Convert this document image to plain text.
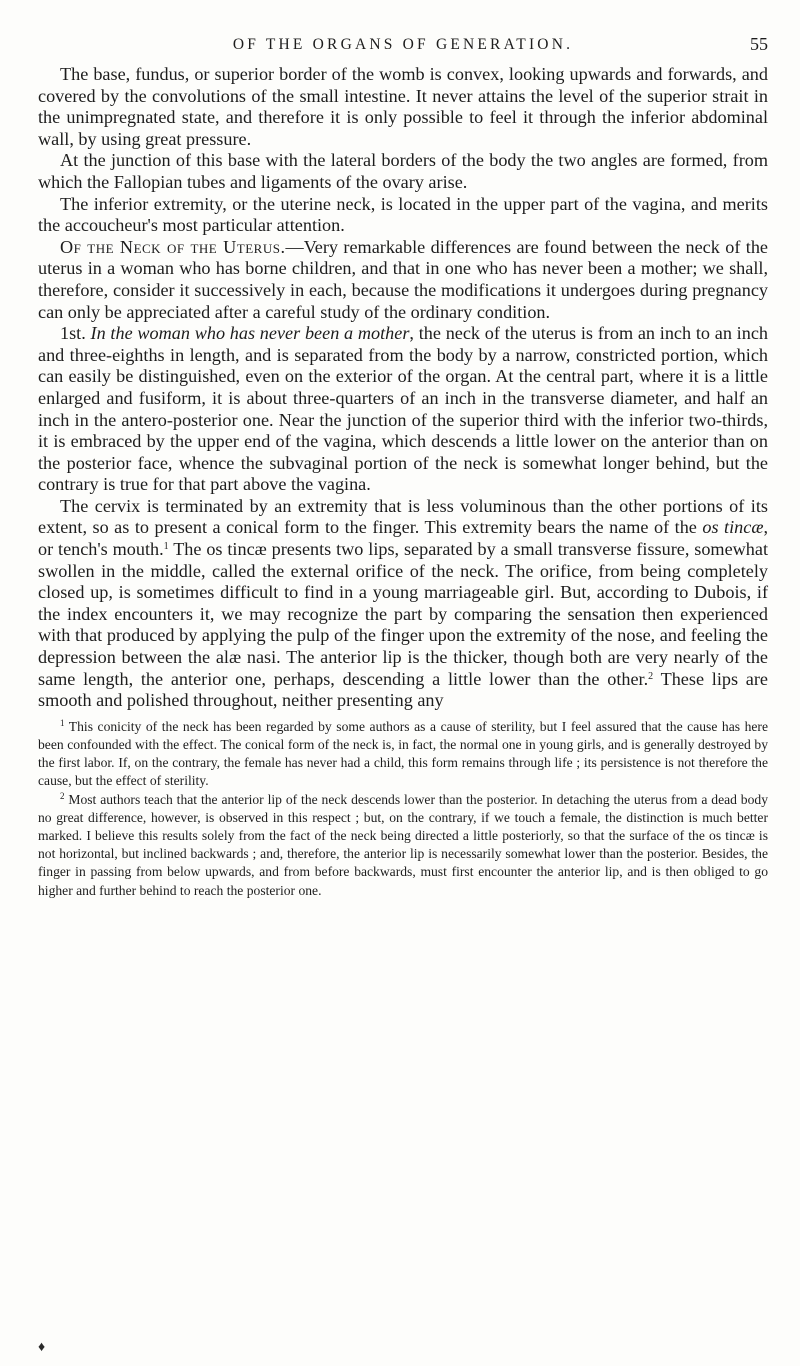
OF THE ORGANS OF GENERATION.	55

The base, fundus, or superior border of the womb is convex, looking upwards and forwards, and covered by the convolutions of the small intestine. It never attains the level of the superior strait in the unimpregnated state, and therefore it is only possible to feel it through the inferior abdominal wall, by using great pressure.

At the junction of this base with the lateral borders of the body the two angles are formed, from which the Fallopian tubes and ligaments of the ovary arise.

The inferior extremity, or the uterine neck, is located in the upper part of the vagina, and merits the accoucheur's most particular attention.

Of the Neck of the Uterus.—Very remarkable differences are found between the neck of the uterus in a woman who has borne children, and that in one who has never been a mother; we shall, therefore, consider it successively in each, because the modifications it undergoes during pregnancy can only be appreciated after a careful study of the ordinary condition.

1st. In the woman who has never been a mother, the neck of the uterus is from an inch to an inch and three-eighths in length, and is separated from the body by a narrow, constricted portion, which can easily be distinguished, even on the exterior of the organ. At the central part, where it is a little enlarged and fusiform, it is about three-quarters of an inch in the transverse diameter, and half an inch in the antero-posterior one. Near the junction of the superior third with the inferior two-thirds, it is embraced by the upper end of the vagina, which descends a little lower on the anterior than on the posterior face, whence the subvaginal portion of the neck is somewhat longer behind, but the contrary is true for that part above the vagina.

The cervix is terminated by an extremity that is less voluminous than the other portions of its extent, so as to present a conical form to the finger. This extremity bears the name of the os tincæ, or tench's mouth.$^1$ The os tincæ presents two lips, separated by a small transverse fissure, somewhat swollen in the middle, called the external orifice of the neck. The orifice, from being completely closed up, is sometimes difficult to find in a young marriageable girl. But, according to Dubois, if the index encounters it, we may recognize the part by comparing the sensation then experienced with that produced by applying the pulp of the finger upon the extremity of the nose, and feeling the depression between the alæ nasi. The anterior lip is the thicker, though both are very nearly of the same length, the anterior one, perhaps, descending a little lower than the other.$^2$ These lips are smooth and polished throughout, neither presenting any

$^1$ This conicity of the neck has been regarded by some authors as a cause of sterility, but I feel assured that the cause has here been confounded with the effect. The conical form of the neck is, in fact, the normal one in young girls, and is generally destroyed by the first labor. If, on the contrary, the female has never had a child, this form remains through life ; its persistence is not therefore the cause, but the effect of sterility.

$^2$ Most authors teach that the anterior lip of the neck descends lower than the posterior. In detaching the uterus from a dead body no great difference, however, is observed in this respect ; but, on the contrary, if we touch a female, the distinction is much better marked. I believe this results solely from the fact of the neck being directed a little posteriorly, so that the surface of the os tincæ is not horizontal, but inclined backwards ; and, therefore, the anterior lip is necessarily somewhat lower than the posterior. Besides, the finger in passing from below upwards, and from before backwards, must first encounter the anterior lip, and is then obliged to go higher and further behind to reach the posterior one.

♦
